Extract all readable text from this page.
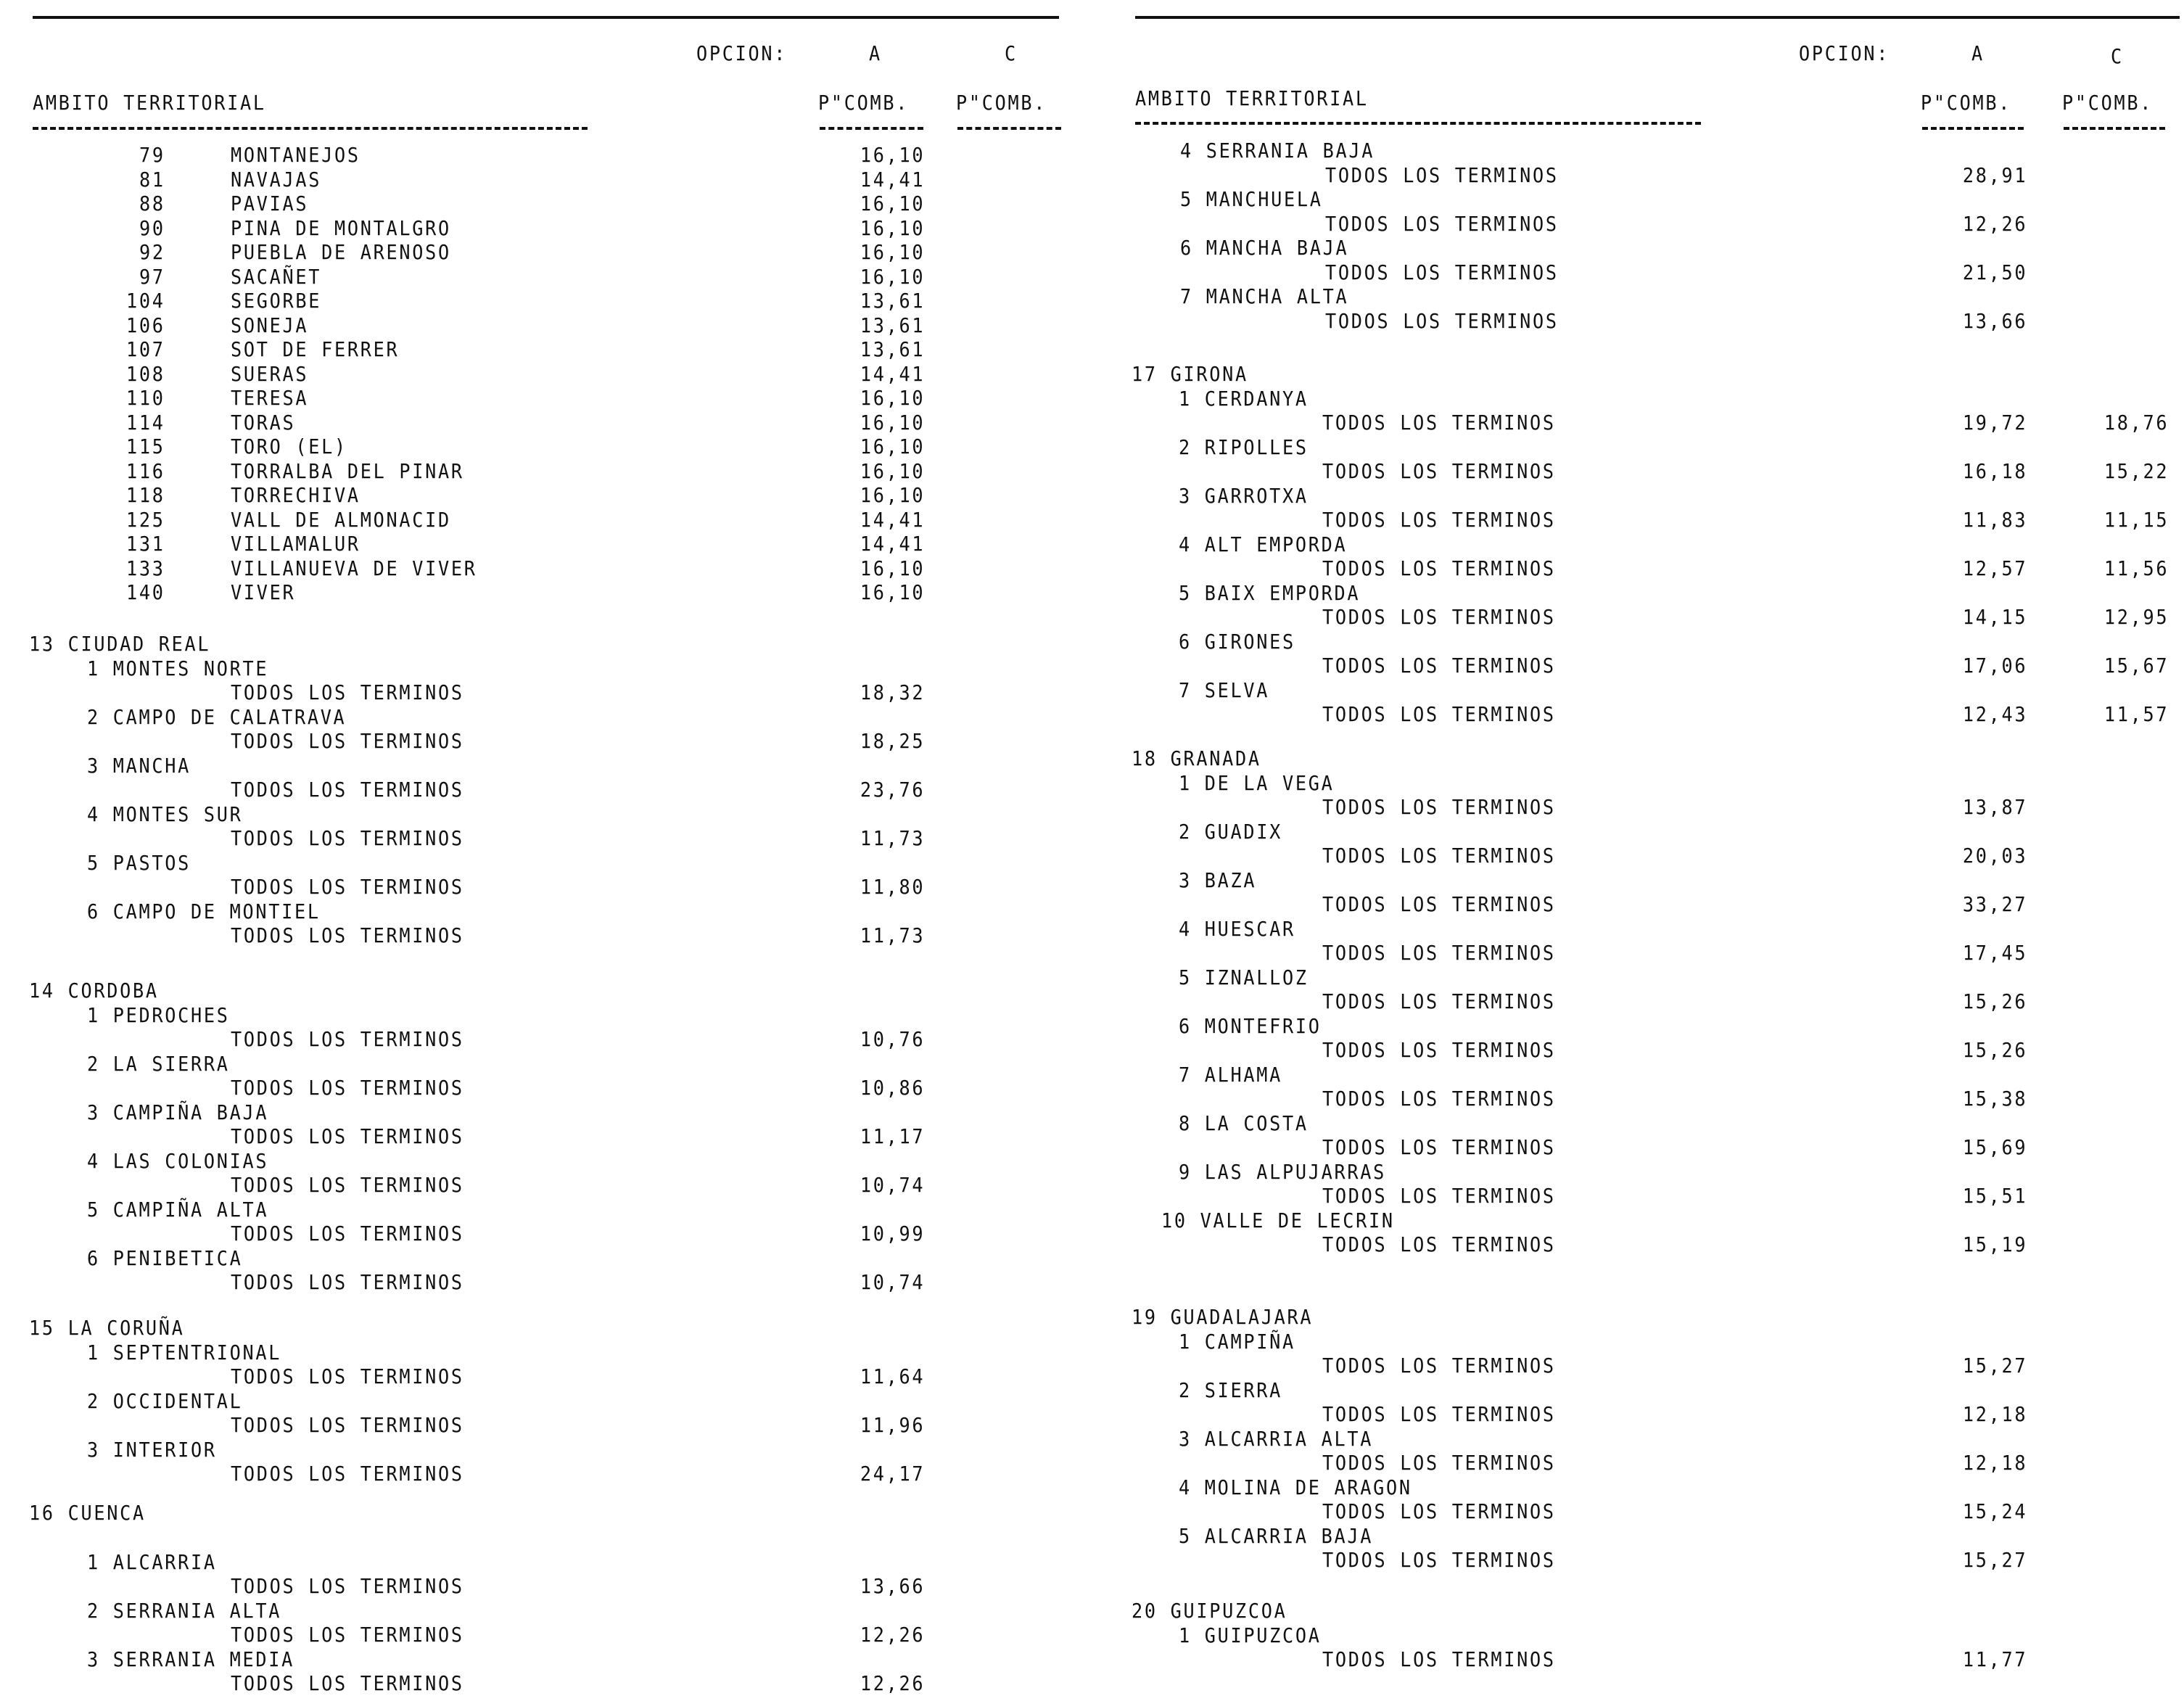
OPCION:	A	C
AMBITO TERRITORIAL	P"COMB. P"COMB.
79	MONTANEJOS	16,10
81	NAVAJAS	14,41
88	PAVIAS	16,10
90	PINA DE MONTALGRO	16,10
92	PUEBLA DE ARENOSO	16,10
97	SACAÑET	16,10
104	SEGORBE	13,61
106	SONEJA	13,61
107	SOT DE FERRER	13,61
108	SUERAS	14,41
110	TERESA	16,10
114	TORAS	16,10
115	TORO (EL)	16,10
116	TORRALBA DEL PINAR	16,10
118	TORRECHIVA	16,10
125	VALL DE ALMONACID	14,41
131	VILLAMALUR	14,41
133	VILLANUEVA DE VIVER	16,10
140	VIVER	16,10
13 CIUDAD REAL
1 MONTES NORTE
TODOS LOS TERMINOS	18,32
2 CAMPO DE CALATRAVA
TODOS LOS TERMINOS	18,25
3 MANCHA
TODOS LOS TERMINOS	23,76
4 MONTES SUR
TODOS LOS TERMINOS	11,73
5 PASTOS
TODOS LOS TERMINOS	11,80
6 CAMPO DE MONTIEL
TODOS LOS TERMINOS	11,73
14 CORDOBA
1 PEDROCHES
TODOS LOS TERMINOS	10,76
2 LA SIERRA
TODOS LOS TERMINOS	10,86
3 CAMPIÑA BAJA
TODOS LOS TERMINOS	11,17
4 LAS COLONIAS
TODOS LOS TERMINOS	10,74
5 CAMPIÑA ALTA
TODOS LOS TERMINOS	10,99
6 PENIBETICA
TODOS LOS TERMINOS	10,74
15 LA CORUÑA
1 SEPTENTRIONAL
TODOS LOS TERMINOS	11,64
2 OCCIDENTAL
TODOS LOS TERMINOS	11,96
3 INTERIOR
TODOS LOS TERMINOS	24,17
16 CUENCA
1 ALCARRIA
TODOS LOS TERMINOS	13,66
2 SERRANIA ALTA
TODOS LOS TERMINOS	12,26
3 SERRANIA MEDIA
TODOS LOS TERMINOS	12,26
OPCION:	A	C
AMBITO TERRITORIAL	P"COMB. P"COMB.
4 SERRANIA BAJA
TODOS LOS TERMINOS	28,91
5 MANCHUELA
TODOS LOS TERMINOS	12,26
6 MANCHA BAJA
TODOS LOS TERMINOS	21,50
7 MANCHA ALTA
TODOS LOS TERMINOS	13,66
17 GIRONA
1 CERDANYA
TODOS LOS TERMINOS	19,72	18,76
2 RIPOLLES
TODOS LOS TERMINOS	16,18	15,22
3 GARROTXA
TODOS LOS TERMINOS	11,83	11,15
4 ALT EMPORDA
TODOS LOS TERMINOS	12,57	11,56
5 BAIX EMPORDA
TODOS LOS TERMINOS	14,15	12,95
6 GIRONES
TODOS LOS TERMINOS	17,06	15,67
7 SELVA
TODOS LOS TERMINOS	12,43	11,57
18 GRANADA
1 DE LA VEGA
TODOS LOS TERMINOS	13,87
2 GUADIX
TODOS LOS TERMINOS	20,03
3 BAZA
TODOS LOS TERMINOS	33,27
4 HUESCAR
TODOS LOS TERMINOS	17,45
5 IZNALLOZ
TODOS LOS TERMINOS	15,26
6 MONTEFRIO
TODOS LOS TERMINOS	15,26
7 ALHAMA
TODOS LOS TERMINOS	15,38
8 LA COSTA
TODOS LOS TERMINOS	15,69
9 LAS ALPUJARRAS
TODOS LOS TERMINOS	15,51
10 VALLE DE LECRIN
TODOS LOS TERMINOS	15,19
19 GUADALAJARA
1 CAMPIÑA
TODOS LOS TERMINOS	15,27
2 SIERRA
TODOS LOS TERMINOS	12,18
3 ALCARRIA ALTA
TODOS LOS TERMINOS	12,18
4 MOLINA DE ARAGON
TODOS LOS TERMINOS	15,24
5 ALCARRIA BAJA
TODOS LOS TERMINOS	15,27
20 GUIPUZCOA
1 GUIPUZCOA
TODOS LOS TERMINOS	11,77
